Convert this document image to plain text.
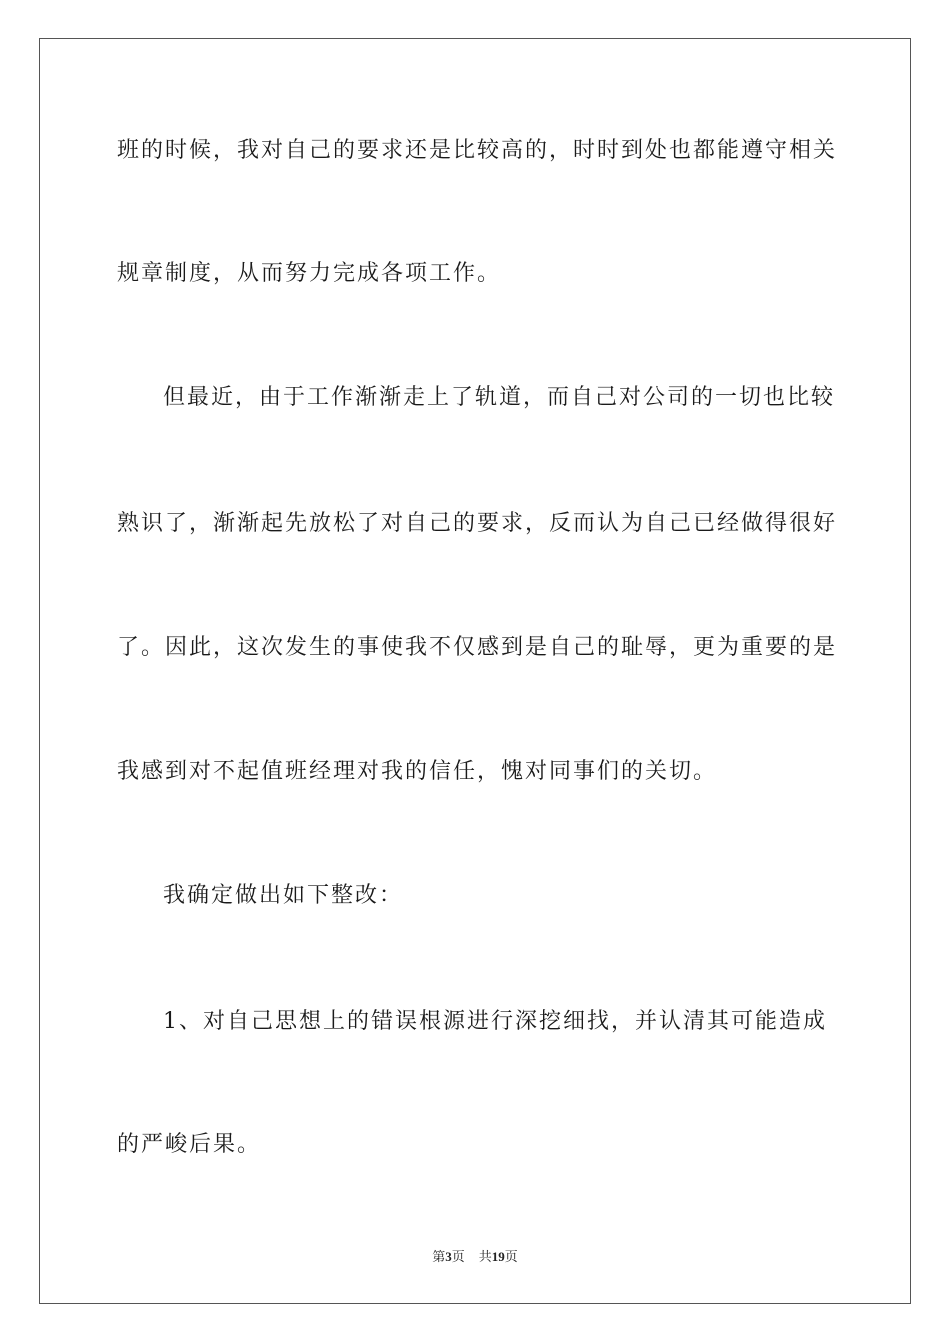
班的时候，我对自己的要求还是比较高的，时时到处也都能遵守相关
规章制度，从而努力完成各项工作。
但最近，由于工作渐渐走上了轨道，而自己对公司的一切也比较
熟识了，渐渐起先放松了对自己的要求，反而认为自己已经做得很好
了。因此，这次发生的事使我不仅感到是自己的耻辱，更为重要的是
我感到对不起值班经理对我的信任，愧对同事们的关切。
我确定做出如下整改：
1、对自己思想上的错误根源进行深挖细找，并认清其可能造成
的严峻后果。
第3页 共19页
